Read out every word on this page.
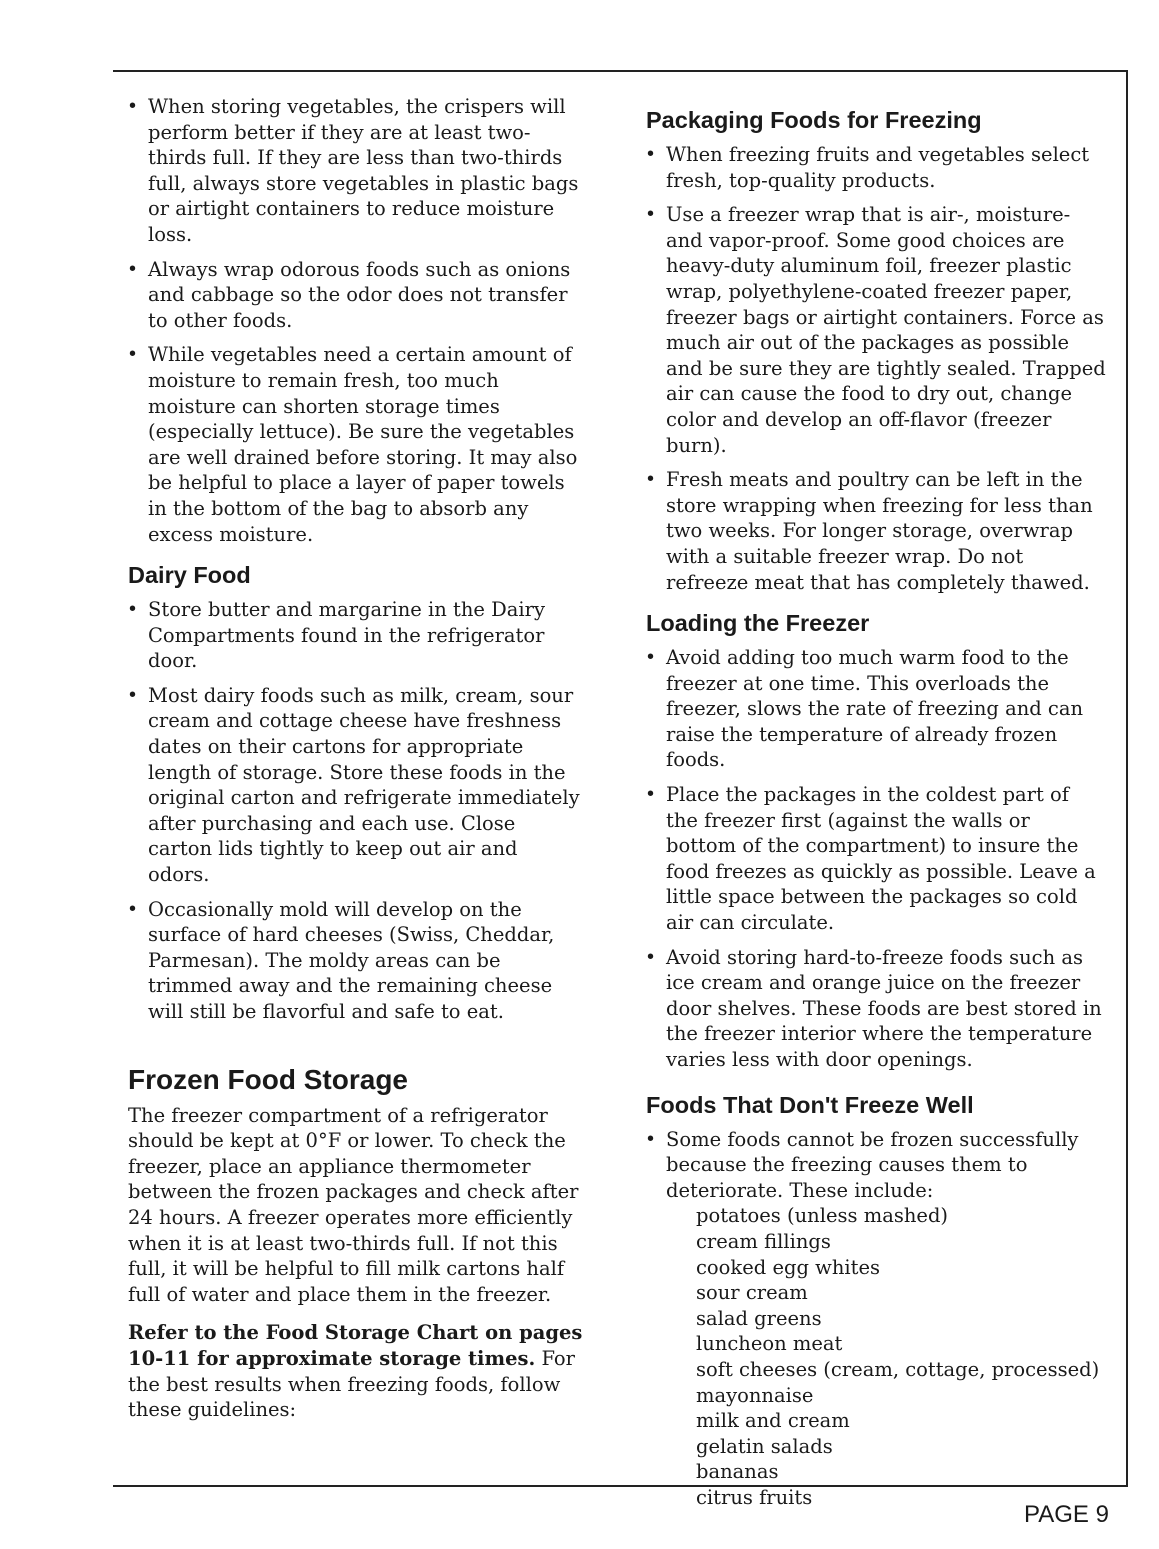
• When storing vegetables, the crispers will perform better if they are at least two-thirds full. If they are less than two-thirds full, always store vegetables in plastic bags or airtight containers to reduce moisture loss.
• Always wrap odorous foods such as onions and cabbage so the odor does not transfer to other foods.
• While vegetables need a certain amount of moisture to remain fresh, too much moisture can shorten storage times (especially lettuce). Be sure the vegetables are well drained before storing. It may also be helpful to place a layer of paper towels in the bottom of the bag to absorb any excess moisture.
Dairy Food
• Store butter and margarine in the Dairy Compartments found in the refrigerator door.
• Most dairy foods such as milk, cream, sour cream and cottage cheese have freshness dates on their cartons for appropriate length of storage. Store these foods in the original carton and refrigerate immediately after purchasing and each use. Close carton lids tightly to keep out air and odors.
• Occasionally mold will develop on the surface of hard cheeses (Swiss, Cheddar, Parmesan). The moldy areas can be trimmed away and the remaining cheese will still be flavorful and safe to eat.
Frozen Food Storage

The freezer compartment of a refrigerator should be kept at 0°F or lower. To check the freezer, place an appliance thermometer between the frozen packages and check after 24 hours. A freezer operates more efficiently when it is at least two-thirds full. If not this full, it will be helpful to fill milk cartons half full of water and place them in the freezer.

Refer to the Food Storage Chart on pages 10-11 for approximate storage times. For the best results when freezing foods, follow these guidelines:

Packaging Foods for Freezing
• When freezing fruits and vegetables select fresh, top-quality products.
• Use a freezer wrap that is air-, moisture- and vapor-proof. Some good choices are heavy-duty aluminum foil, freezer plastic wrap, polyethylene-coated freezer paper, freezer bags or airtight containers. Force as much air out of the packages as possible and be sure they are tightly sealed. Trapped air can cause the food to dry out, change color and develop an off-flavor (freezer burn).
• Fresh meats and poultry can be left in the store wrapping when freezing for less than two weeks. For longer storage, overwrap with a suitable freezer wrap. Do not refreeze meat that has completely thawed.
Loading the Freezer
• Avoid adding too much warm food to the freezer at one time. This overloads the freezer, slows the rate of freezing and can raise the temperature of already frozen foods.
• Place the packages in the coldest part of the freezer first (against the walls or bottom of the compartment) to insure the food freezes as quickly as possible. Leave a little space between the packages so cold air can circulate.
• Avoid storing hard-to-freeze foods such as ice cream and orange juice on the freezer door shelves. These foods are best stored in the freezer interior where the temperature varies less with door openings.
Foods That Don't Freeze Well
• Some foods cannot be frozen successfully because the freezing causes them to deteriorate. These include:
potatoes (unless mashed)
cream fillings
cooked egg whites
sour cream
salad greens
luncheon meat
soft cheeses (cream, cottage, processed)
mayonnaise
milk and cream
gelatin salads
bananas
citrus fruits
PAGE 9
